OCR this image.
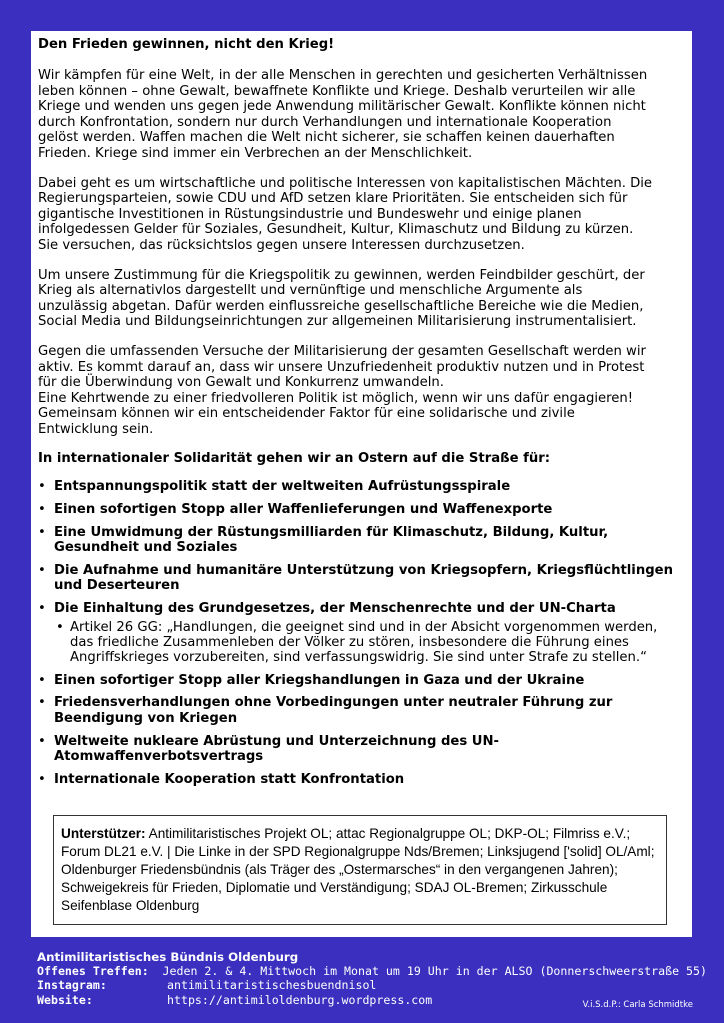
Den Frieden gewinnen, nicht den Krieg!
Wir kämpfen für eine Welt, in der alle Menschen in gerechten und gesicherten Verhältnissen
leben können – ohne Gewalt, bewaffnete Konflikte und Kriege. Deshalb verurteilen wir alle
Kriege und wenden uns gegen jede Anwendung militärischer Gewalt. Konflikte können nicht
durch Konfrontation, sondern nur durch Verhandlungen und internationale Kooperation
gelöst werden. Waffen machen die Welt nicht sicherer, sie schaffen keinen dauerhaften
Frieden. Kriege sind immer ein Verbrechen an der Menschlichkeit.
Dabei geht es um wirtschaftliche und politische Interessen von kapitalistischen Mächten. Die
Regierungsparteien, sowie CDU und AfD setzen klare Prioritäten. Sie entscheiden sich für
gigantische Investitionen in Rüstungsindustrie und Bundeswehr und einige planen
infolgedessen Gelder für Soziales, Gesundheit, Kultur, Klimaschutz und Bildung zu kürzen.
Sie versuchen, das rücksichtslos gegen unsere Interessen durchzusetzen.
Um unsere Zustimmung für die Kriegspolitik zu gewinnen, werden Feindbilder geschürt, der
Krieg als alternativlos dargestellt und vernünftige und menschliche Argumente als
unzulässig abgetan. Dafür werden einflussreiche gesellschaftliche Bereiche wie die Medien,
Social Media und Bildungseinrichtungen zur allgemeinen Militarisierung instrumentalisiert.
Gegen die umfassenden Versuche der Militarisierung der gesamten Gesellschaft werden wir
aktiv. Es kommt darauf an, dass wir unsere Unzufriedenheit produktiv nutzen und in Protest
für die Überwindung von Gewalt und Konkurrenz umwandeln.
Eine Kehrtwende zu einer friedvolleren Politik ist möglich, wenn wir uns dafür engagieren!
Gemeinsam können wir ein entscheidender Faktor für eine solidarische und zivile
Entwicklung sein.
In internationaler Solidarität gehen wir an Ostern auf die Straße für:
• Entspannungspolitik statt der weltweiten Aufrüstungsspirale
• Einen sofortigen Stopp aller Waffenlieferungen und Waffenexporte
• Eine Umwidmung der Rüstungsmilliarden für Klimaschutz, Bildung, Kultur, Gesundheit und Soziales
• Die Aufnahme und humanitäre Unterstützung von Kriegsopfern, Kriegsflüchtlingen und Deserteuren
• Die Einhaltung des Grundgesetzes, der Menschenrechte und der UN-Charta
• Artikel 26 GG: „Handlungen, die geeignet sind und in der Absicht vorgenommen werden, das friedliche Zusammenleben der Völker zu stören, insbesondere die Führung eines Angriffskrieges vorzubereiten, sind verfassungswidrig. Sie sind unter Strafe zu stellen.“
• Einen sofortiger Stopp aller Kriegshandlungen in Gaza und der Ukraine
• Friedensverhandlungen ohne Vorbedingungen unter neutraler Führung zur Beendigung von Kriegen
• Weltweite nukleare Abrüstung und Unterzeichnung des UN-Atomwaffenverbotsvertrags
• Internationale Kooperation statt Konfrontation
Unterstützer: Antimilitaristisches Projekt OL; attac Regionalgruppe OL; DKP-OL; Filmriss e.V.; Forum DL21 e.V. | Die Linke in der SPD Regionalgruppe Nds/Bremen; Linksjugend ['solid] OL/Aml; Oldenburger Friedensbündnis (als Träger des „Ostermarsches“ in den vergangenen Jahren); Schweigekreis für Frieden, Diplomatie und Verständigung; SDAJ OL-Bremen; Zirkusschule Seifenblase Oldenburg
Antimilitaristisches Bündnis Oldenburg
Offenes Treffen:	Jeden 2. & 4. Mittwoch im Monat um 19 Uhr in der ALSO (Donnerschweerstraße 55)
Instagram:	antimilitaristischesbuendnisol
Website:	https://antimiloldenburg.wordpress.com	V.i.S.d.P.: Carla Schmidtke
